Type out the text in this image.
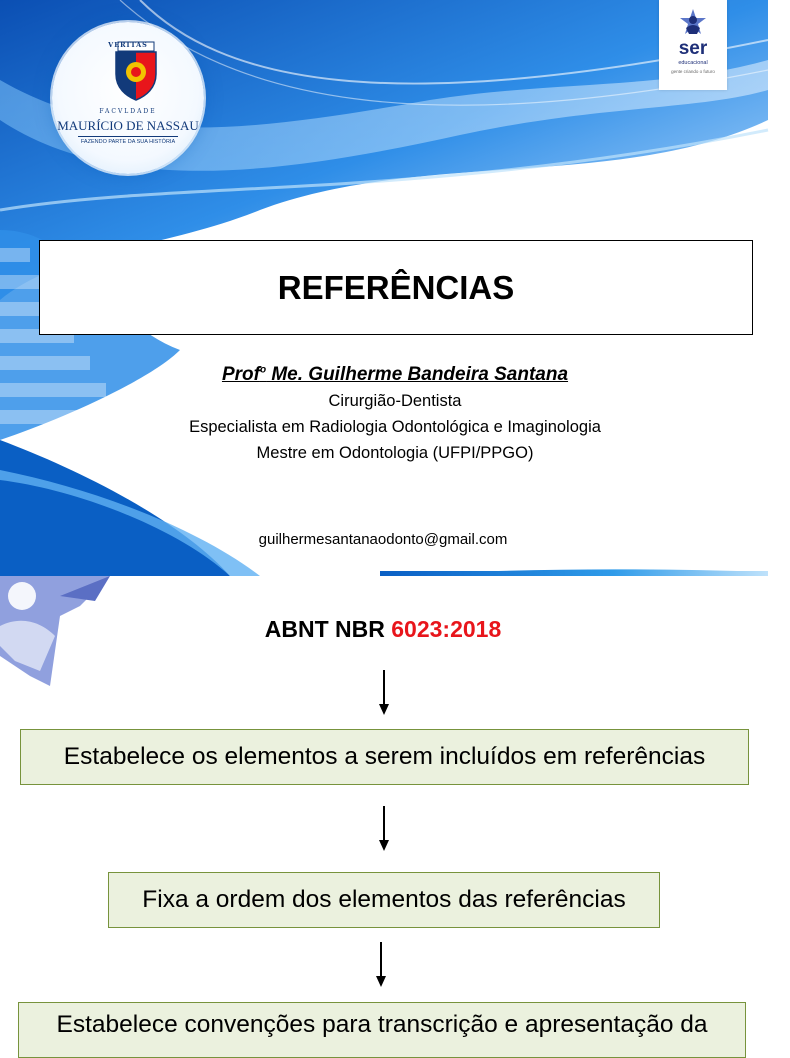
VERITAS
FACVLDADE
MAURÍCIO DE NASSAU
FAZENDO PARTE DA SUA HISTÓRIA
ser
educacional
gente criando o futuro
REFERÊNCIAS
Prof$^o$ Me. Guilherme Bandeira Santana
Cirurgião-Dentista
Especialista em Radiologia Odontológica e Imaginologia
Mestre em Odontologia (UFPI/PPGO)
guilhermesantanaodonto@gmail.com
ABNT NBR 6023:2018
Estabelece os elementos a serem incluídos em referências
Fixa a ordem dos elementos das referências
Estabelece convenções para transcrição e apresentação da
